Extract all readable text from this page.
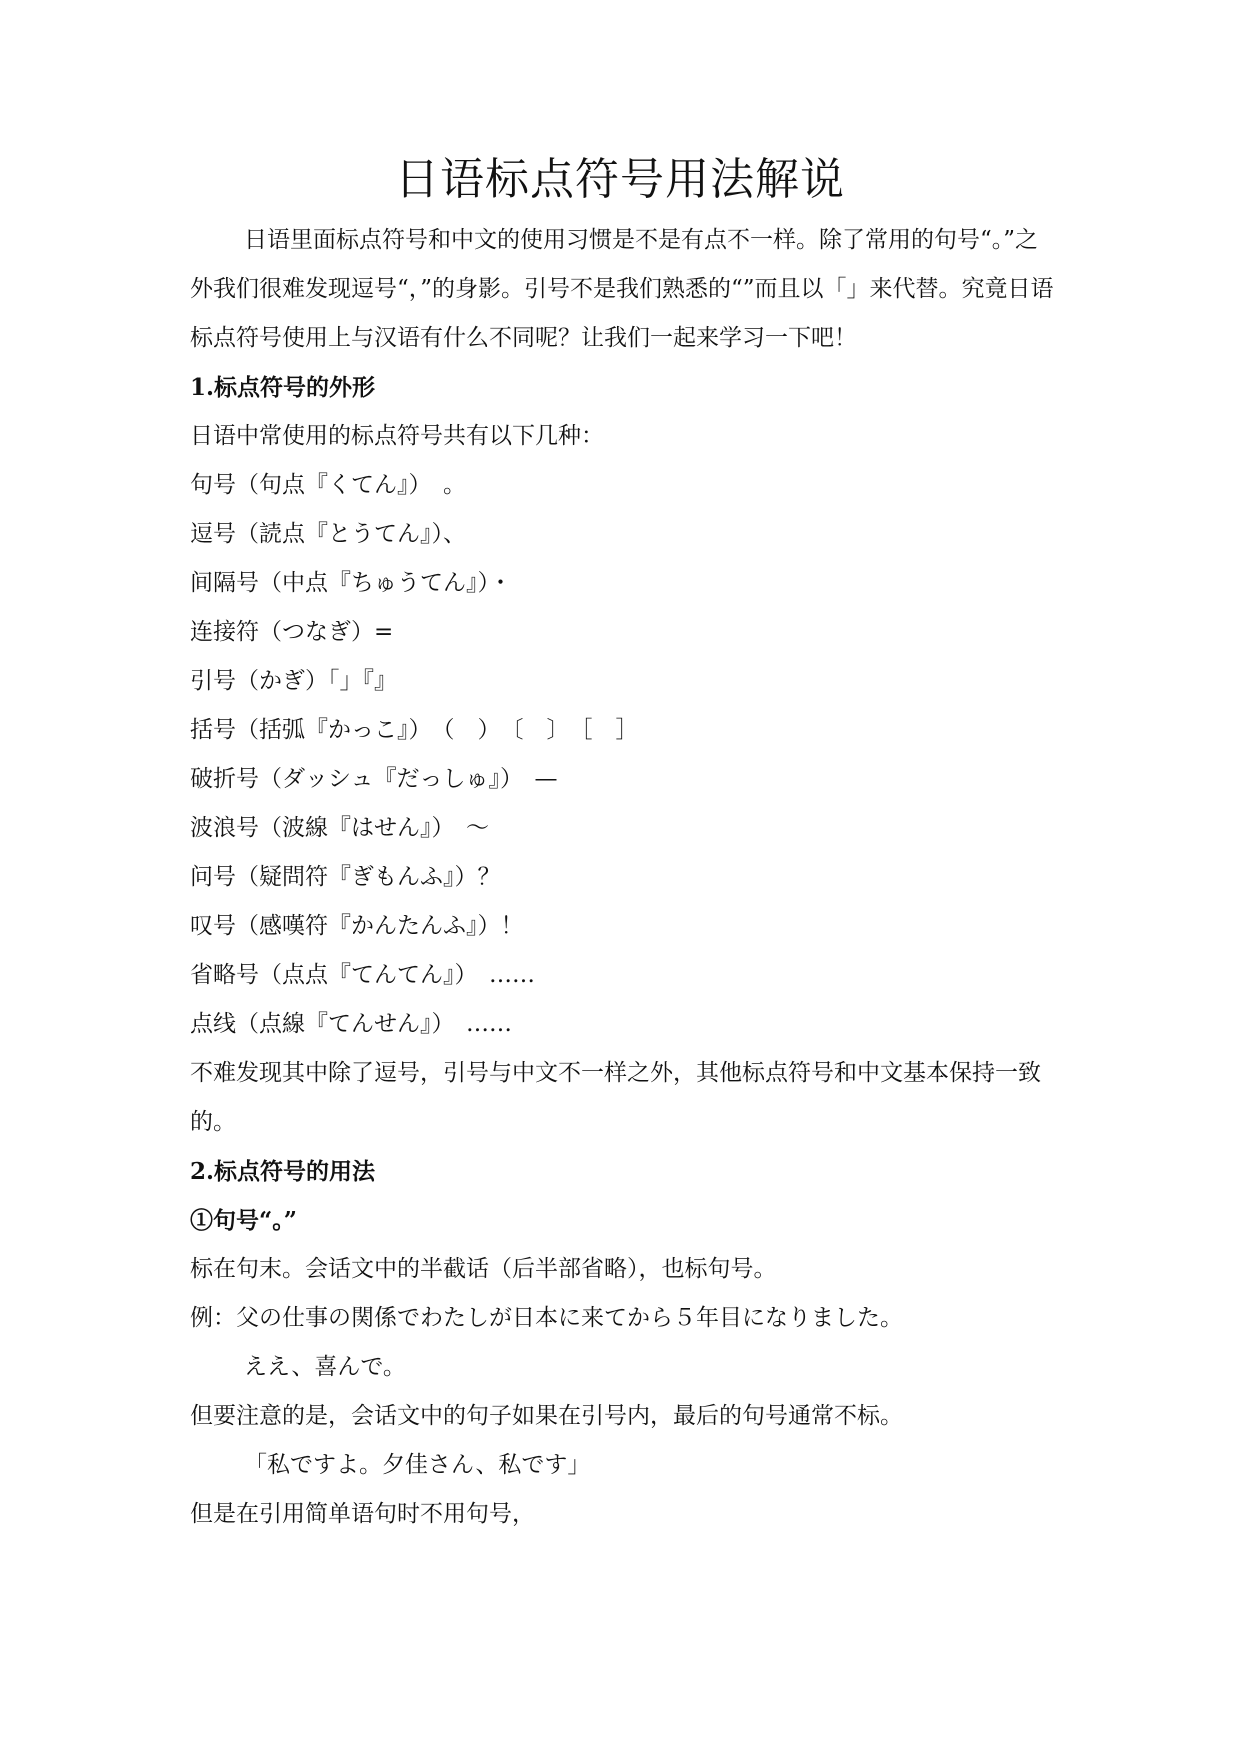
日语标点符号用法解说

日语里面标点符号和中文的使用习惯是不是有点不一样。除了常用的句号“。”之外我们很难发现逗号“，”的身影。引号不是我们熟悉的“”而且以「」来代替。究竟日语标点符号使用上与汉语有什么不同呢？让我们一起来学习一下吧！

1.标点符号的外形

日语中常使用的标点符号共有以下几种：

句号（句点『くてん』）　。

逗号（読点『とうてん』）、

间隔号（中点『ちゅうてん』）・

连接符（つなぎ）=

引号（かぎ）「」『』

括号（括弧『かっこ』）　（　）　〔　〕　［　］

破折号（ダッシュ『だっしゅ』）　—

波浪号（波線『はせん』）　～

问号（疑問符『ぎもんふ』）？

叹号（感嘆符『かんたんふ』）！

省略号（点点『てんてん』）　……

点线（点線『てんせん』）　……

不难发现其中除了逗号，引号与中文不一样之外，其他标点符号和中文基本保持一致的。

2.标点符号的用法

①句号“。”

标在句末。会话文中的半截话（后半部省略），也标句号。

例：父の仕事の関係でわたしが日本に来てから５年目になりました。

ええ、喜んで。

但要注意的是，会话文中的句子如果在引号内，最后的句号通常不标。

「私ですよ。夕佳さん、私です」

但是在引用简单语句时不用句号，
